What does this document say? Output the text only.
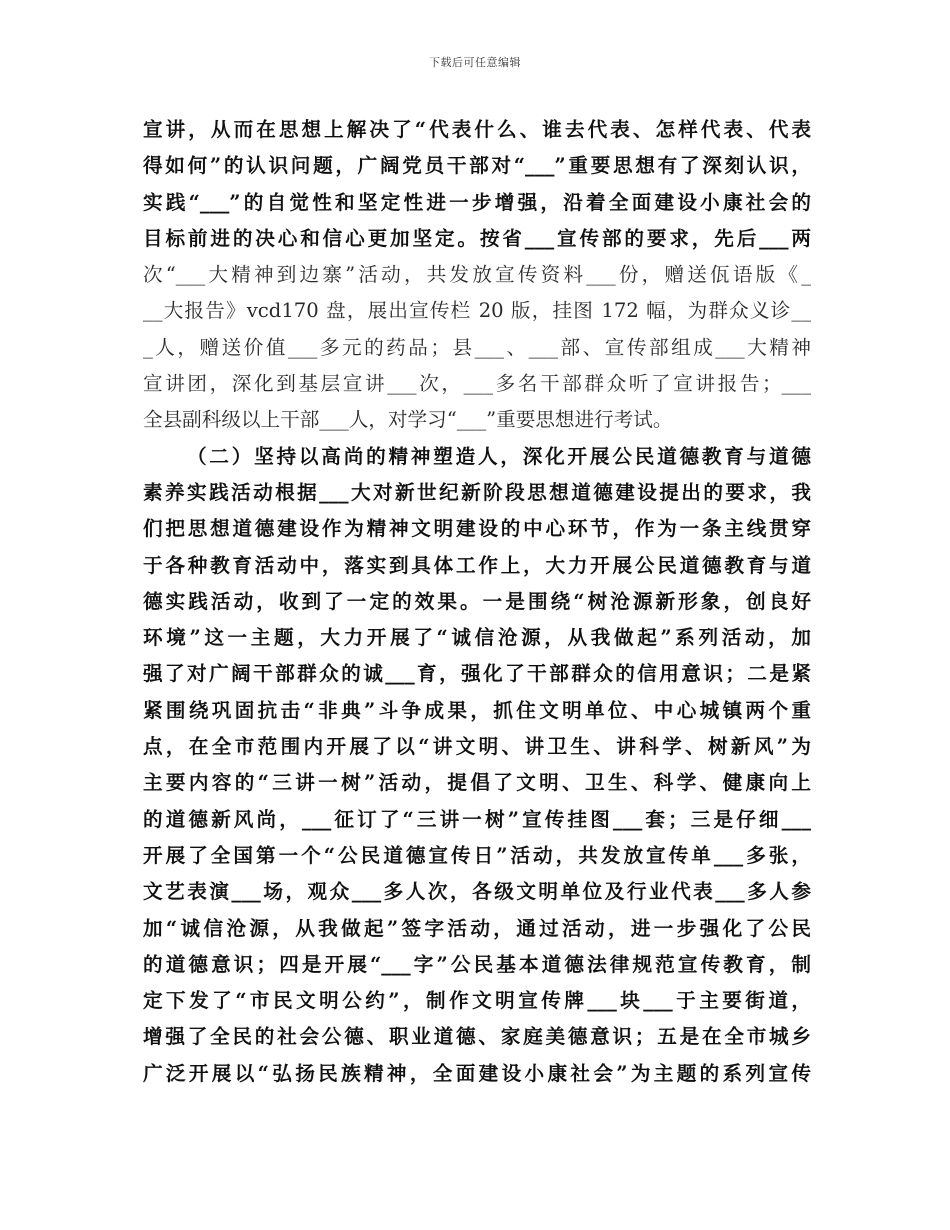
下载后可任意编辑
宣讲，从而在思想上解决了“代表什么、谁去代表、怎样代表、代表
得如何”的认识问题，广阔党员干部对“___”重要思想有了深刻认识，
实践“___”的自觉性和坚定性进一步增强，沿着全面建设小康社会的
目标前进的决心和信心更加坚定。按省___宣传部的要求，先后___两
次“___大精神到边寨”活动，共发放宣传资料___份，赠送佤语版《_
__大报告》vcd170 盘，展出宣传栏 20 版，挂图 172 幅，为群众义诊__
_人，赠送价值___多元的药品；县___、___部、宣传部组成___大精神
宣讲团，深化到基层宣讲___次，___多名干部群众听了宣讲报告；___
全县副科级以上干部___人，对学习“___”重要思想进行考试。
（二）坚持以高尚的精神塑造人，深化开展公民道德教育与道德
素养实践活动根据___大对新世纪新阶段思想道德建设提出的要求，我
们把思想道德建设作为精神文明建设的中心环节，作为一条主线贯穿
于各种教育活动中，落实到具体工作上，大力开展公民道德教育与道
德实践活动，收到了一定的效果。一是围绕“树沧源新形象，创良好
环境”这一主题，大力开展了“诚信沧源，从我做起”系列活动，加
强了对广阔干部群众的诚___育，强化了干部群众的信用意识；二是紧
紧围绕巩固抗击“非典”斗争成果，抓住文明单位、中心城镇两个重
点，在全市范围内开展了以“讲文明、讲卫生、讲科学、树新风”为
主要内容的“三讲一树”活动，提倡了文明、卫生、科学、健康向上
的道德新风尚，___征订了“三讲一树”宣传挂图___套；三是仔细___
开展了全国第一个“公民道德宣传日”活动，共发放宣传单___多张，
文艺表演___场，观众___多人次，各级文明单位及行业代表___多人参
加“诚信沧源，从我做起”签字活动，通过活动，进一步强化了公民
的道德意识；四是开展“___字”公民基本道德法律规范宣传教育，制
定下发了“市民文明公约”，制作文明宣传牌___块___于主要街道，
增强了全民的社会公德、职业道德、家庭美德意识；五是在全市城乡
广泛开展以“弘扬民族精神，全面建设小康社会”为主题的系列宣传
